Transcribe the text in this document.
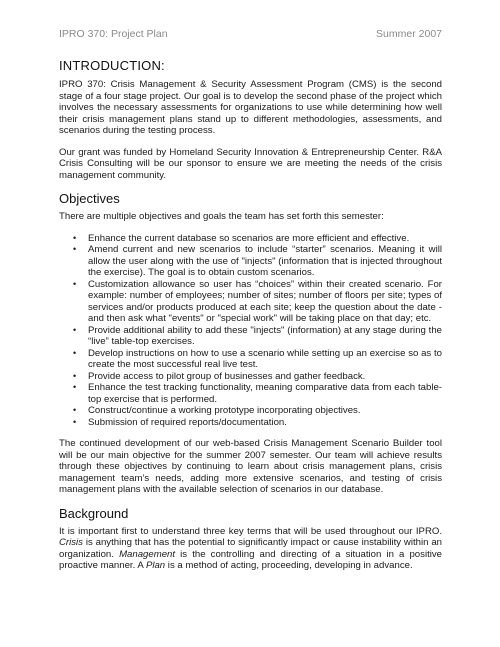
IPRO 370: Project Plan	Summer 2007
INTRODUCTION:

IPRO 370: Crisis Management & Security Assessment Program (CMS) is the second stage of a four stage project. Our goal is to develop the second phase of the project which involves the necessary assessments for organizations to use while determining how well their crisis management plans stand up to different methodologies, assessments, and scenarios during the testing process.

Our grant was funded by Homeland Security Innovation & Entrepreneurship Center. R&A Crisis Consulting will be our sponsor to ensure we are meeting the needs of the crisis management community.

Objectives

There are multiple objectives and goals the team has set forth this semester:

• Enhance the current database so scenarios are more efficient and effective.
• Amend current and new scenarios to include “starter” scenarios. Meaning it will allow the user along with the use of "injects" (information that is injected throughout the exercise). The goal is to obtain custom scenarios.
• Customization allowance so user has “choices” within their created scenario. For example: number of employees; number of sites; number of floors per site; types of services and/or products produced at each site; keep the question about the date - and then ask what "events" or "special work" will be taking place on that day; etc.
• Provide additional ability to add these "injects" (information) at any stage during the “live” table-top exercises.
• Develop instructions on how to use a scenario while setting up an exercise so as to create the most successful real live test.
• Provide access to pilot group of businesses and gather feedback.
• Enhance the test tracking functionality, meaning comparative data from each table-top exercise that is performed.
• Construct/continue a working prototype incorporating objectives.
• Submission of required reports/documentation.

The continued development of our web-based Crisis Management Scenario Builder tool will be our main objective for the summer 2007 semester. Our team will achieve results through these objectives by continuing to learn about crisis management plans, crisis management team’s needs, adding more extensive scenarios, and testing of crisis management plans with the available selection of scenarios in our database.

Background

It is important first to understand three key terms that will be used throughout our IPRO. Crisis is anything that has the potential to significantly impact or cause instability within an organization. Management is the controlling and directing of a situation in a positive proactive manner. A Plan is a method of acting, proceeding, developing in advance.
